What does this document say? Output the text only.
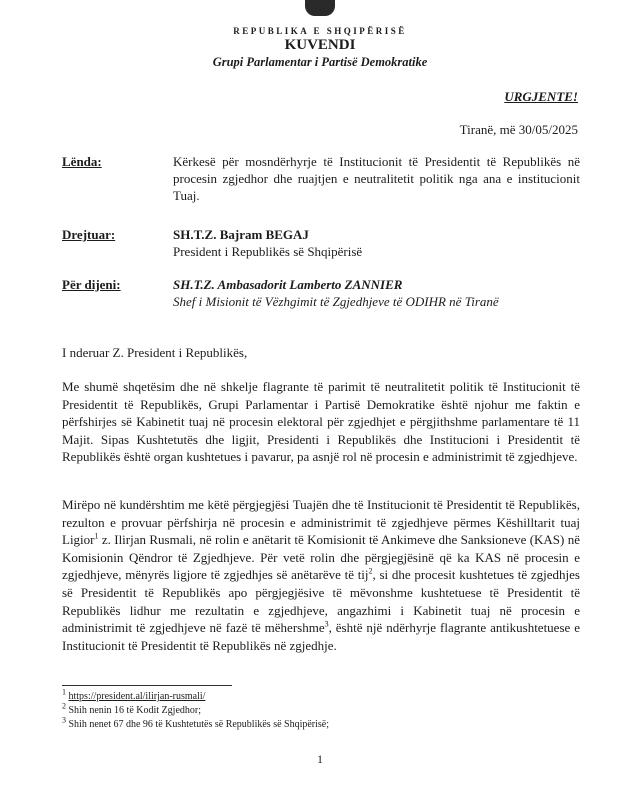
REPUBLIKA E SHQIPËRISË
KUVENDI
Grupi Parlamentar i Partisë Demokratike
URGJENTE!
Tiranë, më 30/05/2025
Lënda:	Kërkesë për mosndërhyrje të Institucionit të Presidentit të Republikës në procesin zgjedhor dhe ruajtjen e neutralitetit politik nga ana e institucionit Tuaj.
Drejtuar:	SH.T.Z. Bajram BEGAJ
President i Republikës së Shqipërisë
Për dijeni:	SH.T.Z. Ambasadorit Lamberto ZANNIER
Shef i Misionit të Vëzhgimit të Zgjedhjeve të ODIHR në Tiranë
I nderuar Z. President i Republikës,
Me shumë shqetësim dhe në shkelje flagrante të parimit të neutralitetit politik të Institucionit të Presidentit të Republikës, Grupi Parlamentar i Partisë Demokratike është njohur me faktin e përfshirjes së Kabinetit tuaj në procesin elektoral për zgjedhjet e përgjithshme parlamentare të 11 Majit. Sipas Kushtetutës dhe ligjit, Presidenti i Republikës dhe Institucioni i Presidentit të Republikës është organ kushtetues i pavarur, pa asnjë rol në procesin e administrimit të zgjedhjeve.
Mirëpo në kundërshtim me këtë përgjegjësi Tuajën dhe të Institucionit të Presidentit të Republikës, rezulton e provuar përfshirja në procesin e administrimit të zgjedhjeve përmes Këshilltarit tuaj Ligior$^1$ z. Ilirjan Rusmali, në rolin e anëtarit të Komisionit të Ankimeve dhe Sanksioneve (KAS) në Komisionin Qëndror të Zgjedhjeve. Për vetë rolin dhe përgjegjësinë që ka KAS në procesin e zgjedhjeve, mënyrës ligjore të zgjedhjes së anëtarëve të tij$^2$, si dhe procesit kushtetues të zgjedhjes së Presidentit të Republikës apo përgjegjësive të mëvonshme kushtetuese të Presidentit të Republikës lidhur me rezultatin e zgjedhjeve, angazhimi i Kabinetit tuaj në procesin e administrimit të zgjedhjeve në fazë të mëhershme$^3$, është një ndërhyrje flagrante antikushtetuese e Institucionit të Presidentit të Republikës në zgjedhje.
$^1$ https://president.al/ilirjan-rusmali/
$^2$ Shih nenin 16 të Kodit Zgjedhor;
$^3$ Shih nenet 67 dhe 96 të Kushtetutës së Republikës së Shqipërisë;
1
